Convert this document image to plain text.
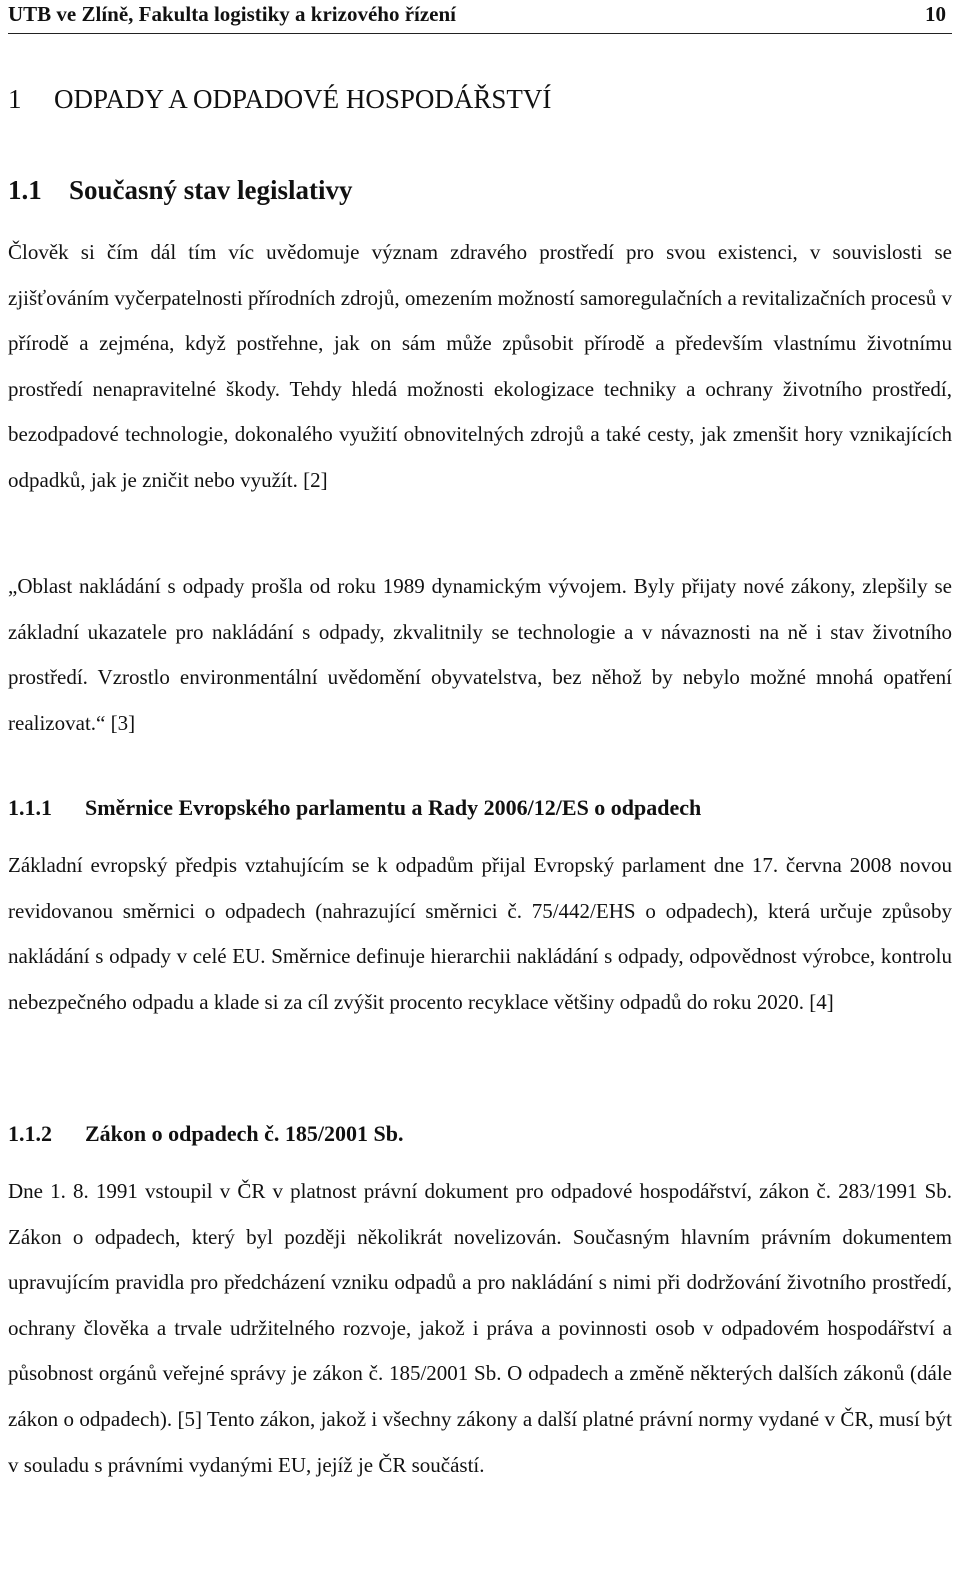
UTB ve Zlíně, Fakulta logistiky a krizového řízení	10
1 ODPADY A ODPADOVÉ HOSPODÁŘSTVÍ
1.1 Současný stav legislativy

Člověk si čím dál tím víc uvědomuje význam zdravého prostředí pro svou existenci, v souvislosti se zjišťováním vyčerpatelnosti přírodních zdrojů, omezením možností samoregulačních a revitalizačních procesů v přírodě a zejména, když postřehne, jak on sám může způsobit přírodě a především vlastnímu životnímu prostředí nenapravitelné škody. Tehdy hledá možnosti ekologizace techniky a ochrany životního prostředí, bezodpadové technologie, dokonalého využití obnovitelných zdrojů a také cesty, jak zmenšit hory vznikajících odpadků, jak je zničit nebo využít. [2]

„Oblast nakládání s odpady prošla od roku 1989 dynamickým vývojem. Byly přijaty nové zákony, zlepšily se základní ukazatele pro nakládání s odpady, zkvalitnily se technologie a v návaznosti na ně i stav životního prostředí. Vzrostlo environmentální uvědomění obyvatelstva, bez něhož by nebylo možné mnohá opatření realizovat.“ [3]

1.1.1 Směrnice Evropského parlamentu a Rady 2006/12/ES o odpadech

Základní evropský předpis vztahujícím se k odpadům přijal Evropský parlament dne 17. června 2008 novou revidovanou směrnici o odpadech (nahrazující směrnici č. 75/442/EHS o odpadech), která určuje způsoby nakládání s odpady v celé EU. Směrnice definuje hierarchii nakládání s odpady, odpovědnost výrobce, kontrolu nebezpečného odpadu a klade si za cíl zvýšit procento recyklace většiny odpadů do roku 2020. [4]

1.1.2 Zákon o odpadech č. 185/2001 Sb.

Dne 1. 8. 1991 vstoupil v ČR v platnost právní dokument pro odpadové hospodářství, zákon č. 283/1991 Sb. Zákon o odpadech, který byl později několikrát novelizován. Současným hlavním právním dokumentem upravujícím pravidla pro předcházení vzniku odpadů a pro nakládání s nimi při dodržování životního prostředí, ochrany člověka a trvale udržitelného rozvoje, jakož i práva a povinnosti osob v odpadovém hospodářství a působnost orgánů veřejné správy je zákon č. 185/2001 Sb. O odpadech a změně některých dalších zákonů (dále zákon o odpadech). [5] Tento zákon, jakož i všechny zákony a další platné právní normy vydané v ČR, musí být v souladu s právními vydanými EU, jejíž je ČR součástí.
